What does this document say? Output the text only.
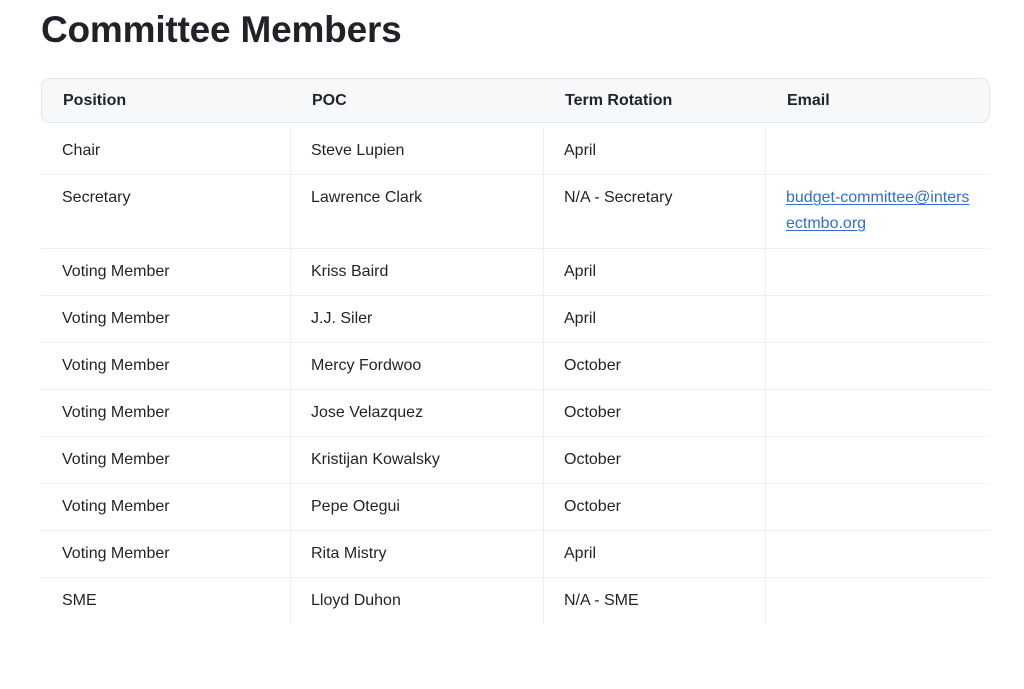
Committee Members
Position	POC	Term Rotation	Email
Chair	Steve Lupien	April
Secretary	Lawrence Clark	N/A - Secretary	budget-committee@intersectmbo.org
Voting Member	Kriss Baird	April
Voting Member	J.J. Siler	April
Voting Member	Mercy Fordwoo	October
Voting Member	Jose Velazquez	October
Voting Member	Kristijan Kowalsky	October
Voting Member	Pepe Otegui	October
Voting Member	Rita Mistry	April
SME	Lloyd Duhon	N/A - SME
